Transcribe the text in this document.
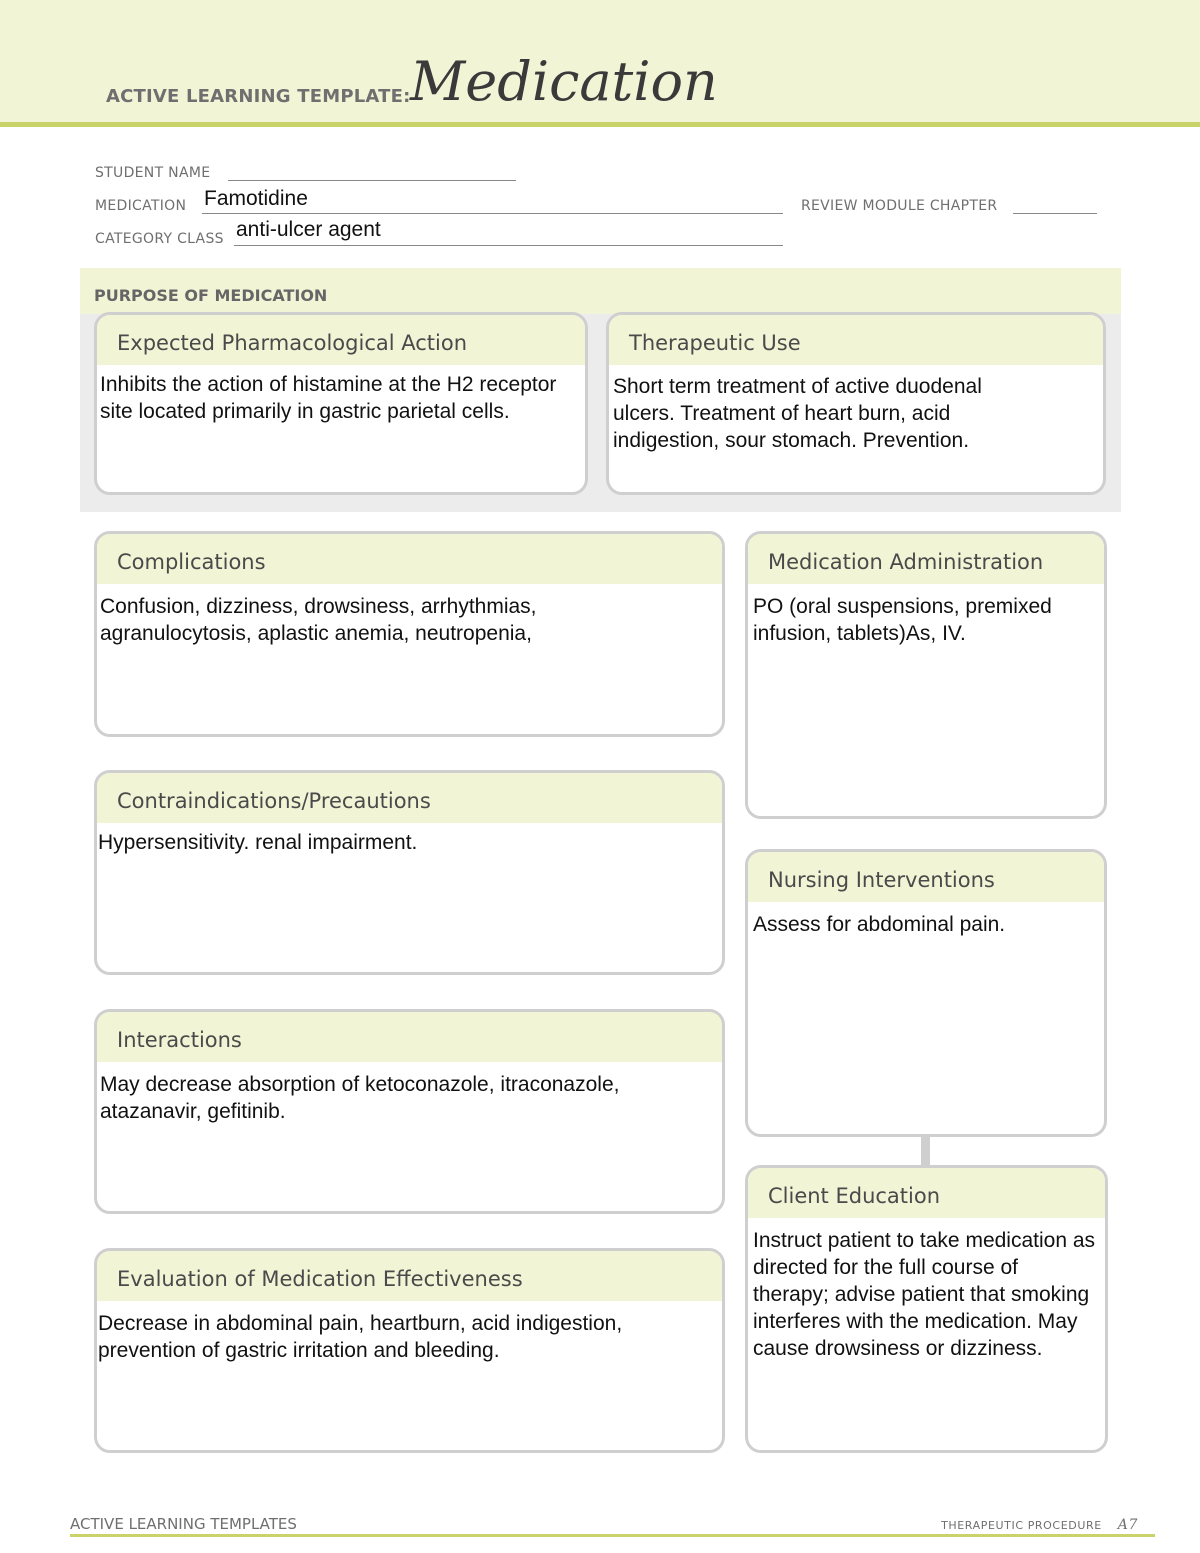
ACTIVE LEARNING TEMPLATE: Medication
STUDENT NAME
MEDICATION Famotidine	REVIEW MODULE CHAPTER
CATEGORY CLASS anti-ulcer agent
PURPOSE OF MEDICATION
Expected Pharmacological Action
Inhibits the action of histamine at the H2 receptor site located primarily in gastric parietal cells.
Therapeutic Use
Short term treatment of active duodenal ulcers. Treatment of heart burn, acid indigestion, sour stomach. Prevention.
Complications
Confusion, dizziness, drowsiness, arrhythmias, agranulocytosis, aplastic anemia, neutropenia,
Contraindications/Precautions
Hypersensitivity. renal impairment.
Interactions
May decrease absorption of ketoconazole, itraconazole, atazanavir, gefitinib.
Evaluation of Medication Effectiveness
Decrease in abdominal pain, heartburn, acid indigestion, prevention of gastric irritation and bleeding.
Medication Administration
PO (oral suspensions, premixed infusion, tablets)As, IV.
Nursing Interventions
Assess for abdominal pain.
Client Education
Instruct patient to take medication as directed for the full course of therapy; advise patient that smoking interferes with the medication. May cause drowsiness or dizziness.
ACTIVE LEARNING TEMPLATES	THERAPEUTIC PROCEDURE A7
